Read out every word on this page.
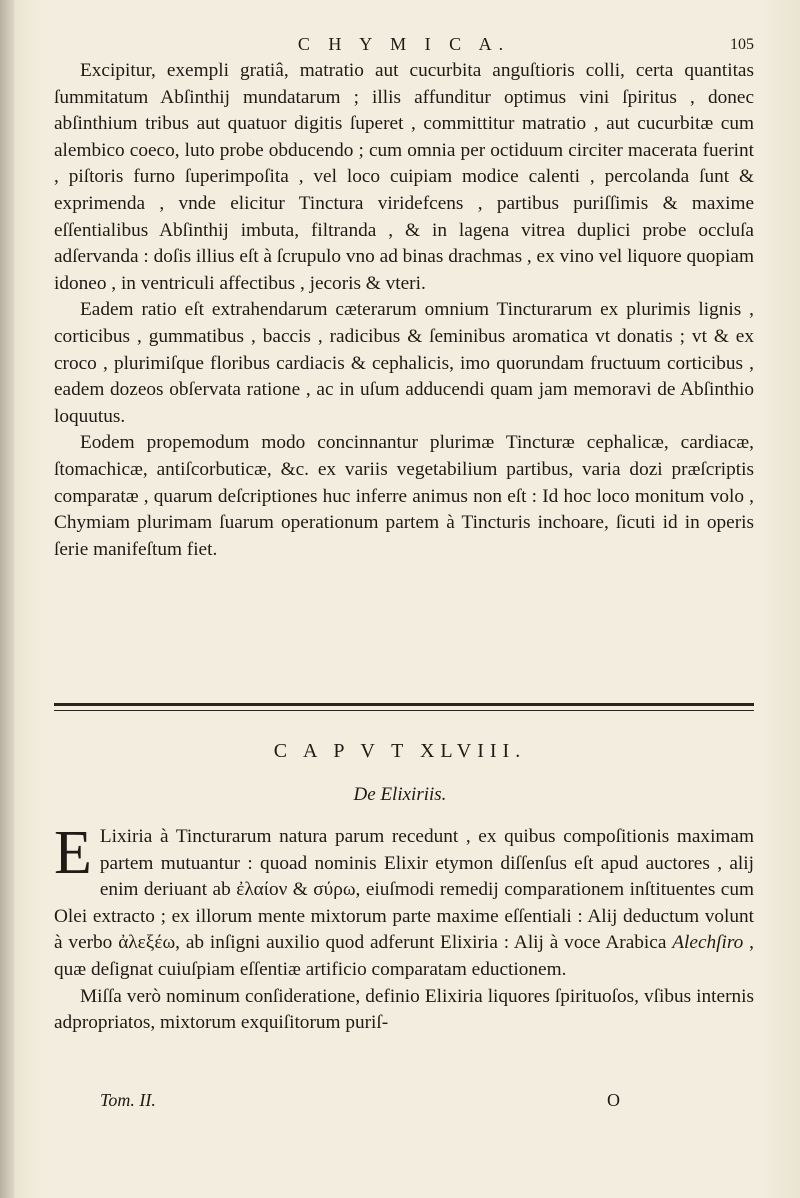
C H Y M I C A.	105

Excipitur, exempli gratiâ, matratio aut cucurbita anguſtioris colli, certa quantitas ſummitatum Abſinthij mundatarum ; illis affunditur optimus vini ſpiritus , donec abſinthium tribus aut quatuor digitis ſuperet , committitur matratio , aut cucurbitæ cum alembico coeco, luto probe obducendo ; cum omnia per octiduum circiter macerata fuerint , piſtoris furno ſuperimpoſita , vel loco cuipiam modice calenti , percolanda ſunt & exprimenda , vnde elicitur Tinctura viridefcens , partibus puriſſimis & maxime eſſentialibus Abſinthij imbuta, filtranda , & in lagena vitrea duplici probe occluſa adſervanda : doſis illius eſt à ſcrupulo vno ad binas drachmas , ex vino vel liquore quopiam idoneo , in ventriculi affectibus , jecoris & vteri.

Eadem ratio eſt extrahendarum cæterarum omnium Tincturarum ex plurimis lignis , corticibus , gummatibus , baccis , radicibus & ſeminibus aromatica vt donatis ; vt & ex croco , plurimiſque floribus cardiacis & cephalicis, imo quorundam fructuum corticibus , eadem dozeos obſervata ratione , ac in uſum adducendi quam jam memoravi de Abſinthio loquutus.

Eodem propemodum modo concinnantur plurimæ Tincturæ cephalicæ, cardiacæ, ſtomachicæ, antiſcorbuticæ, &c. ex variis vegetabilium partibus, varia dozi præſcriptis comparatæ , quarum deſcriptiones huc inferre animus non eſt : Id hoc loco monitum volo , Chymiam plurimam ſuarum operationum partem à Tincturis inchoare, ſicuti id in operis ſerie manifeſtum fiet.

C A P V T XLVIII.
De Elixiriis.

E Lixiria à Tincturarum natura parum recedunt , ex quibus compoſitionis maximam partem mutuantur : quoad nominis Elixir etymon diſſenſus eſt apud auctores , alij enim deriuant ab ἐλαίον & σύρω, eiuſmodi remedij comparationem inſtituentes cum Olei extracto ; ex illorum mente mixtorum parte maxime eſſentiali : Alij deductum volunt à verbo ἀλεξέω, ab inſigni auxilio quod adferunt Elixiria : Alij à voce Arabica Alechſiro , quæ deſignat cuiuſpiam eſſentiæ artificio comparatam eductionem.

Miſſa verò nominum conſideratione, definio Elixiria liquores ſpirituoſos, vſibus internis adpropriatos, mixtorum exquiſitorum puriſ-

Tom. II.	O
